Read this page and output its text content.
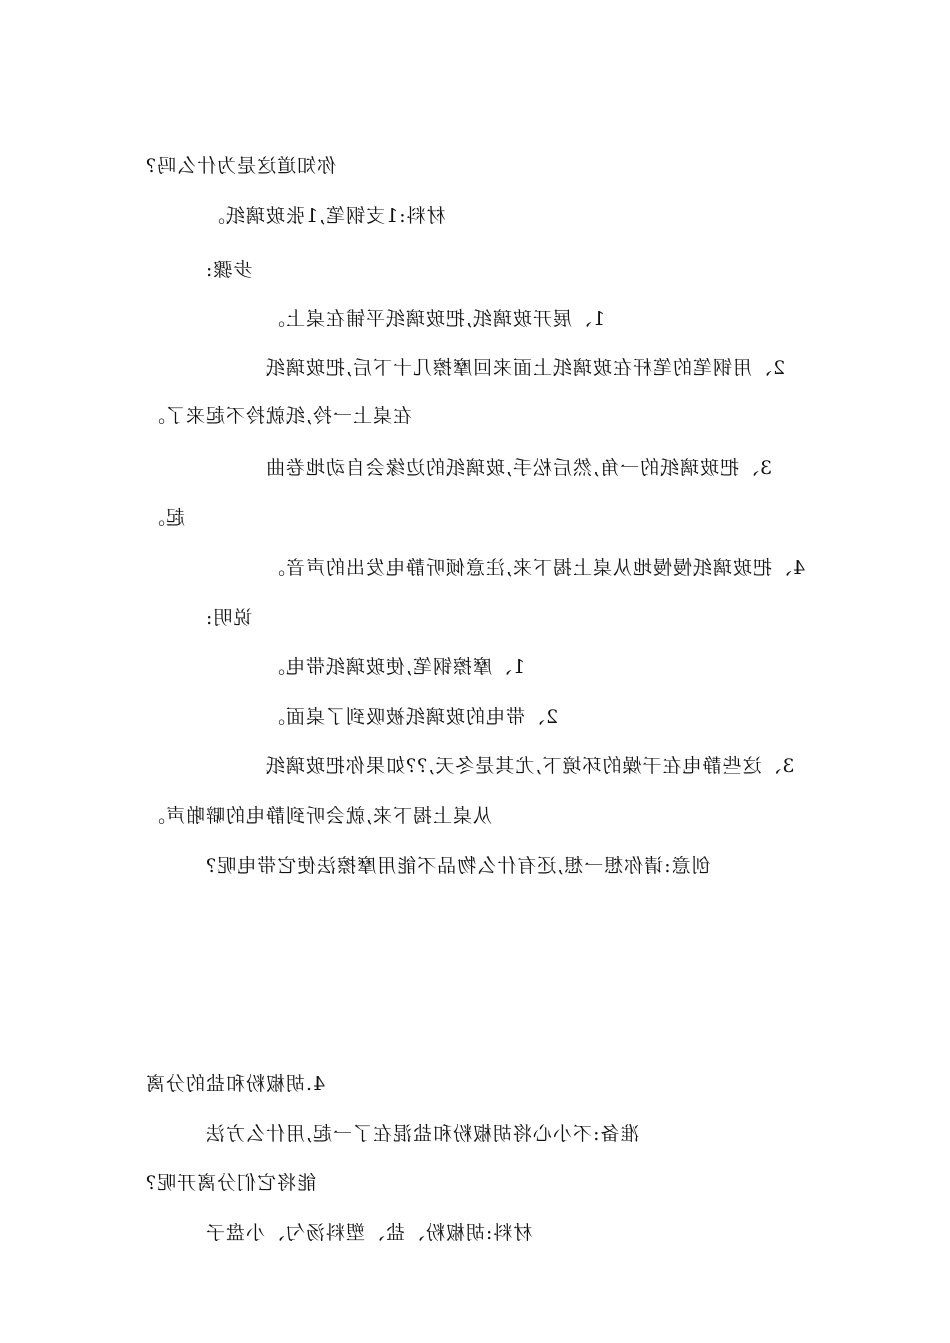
你知道这是为什么吗?
材料:1支钢笔,1张玻璃纸。
步骤:
1、展开玻璃纸,把玻璃纸平铺在桌上。
2、用钢笔的笔杆在玻璃纸上面来回摩擦几十下后,把玻璃纸
在桌上一拎,纸就拎不起来了。
3、把玻璃纸的一角,然后松手,玻璃纸的边缘会自动地卷曲
起。
4、把玻璃纸慢慢地从桌上揭下来,注意倾听静电发出的声音。
说明:
1、摩擦钢笔,使玻璃纸带电。
2、带电的玻璃纸被吸到了桌面。
3、这些静电在干燥的环境下,尤其是冬天,??如果你把玻璃纸
从桌上揭下来,就会听到静电的噼啪声。
创意:请你想一想,还有什么物品不能用摩擦法使它带电呢?
4.胡椒粉和盐的分离
准备:不小心将胡椒粉和盐混在了一起,用什么方法
能将它们分离开呢?
材料:胡椒粉、盐、塑料汤勺、小盘子
